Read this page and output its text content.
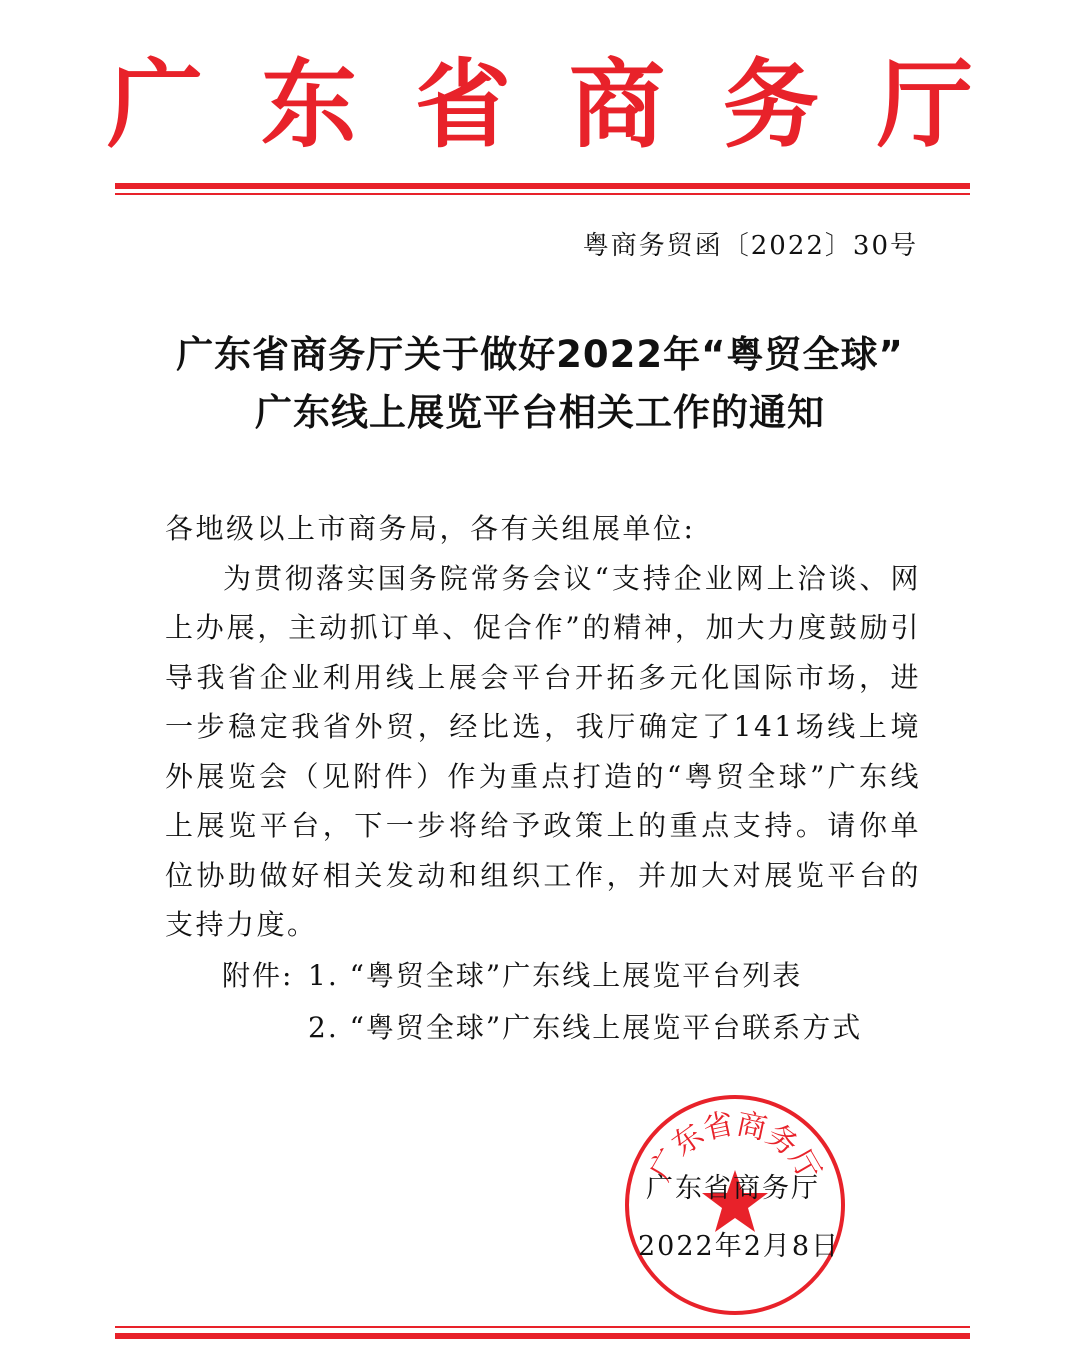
广东省商务厅
粤商务贸函〔2022〕30号
广东省商务厅关于做好2022年“粤贸全球”
广东线上展览平台相关工作的通知
各地级以上市商务局，各有关组展单位:
为贯彻落实国务院常务会议“支持企业网上洽谈、网上办展，主动抓订单、促合作”的精神，加大力度鼓励引导我省企业利用线上展会平台开拓多元化国际市场，进一步稳定我省外贸，经比选，我厅确定了141场线上境外展览会（见附件）作为重点打造的“粤贸全球”广东线上展览平台，下一步将给予政策上的重点支持。请你单位协助做好相关发动和组织工作，并加大对展览平台的支持力度。
附件: 1. “粤贸全球”广东线上展览平台列表
2. “粤贸全球”广东线上展览平台联系方式
广
东
省
商
务
厅
广东省商务厅
2022年2月8日
